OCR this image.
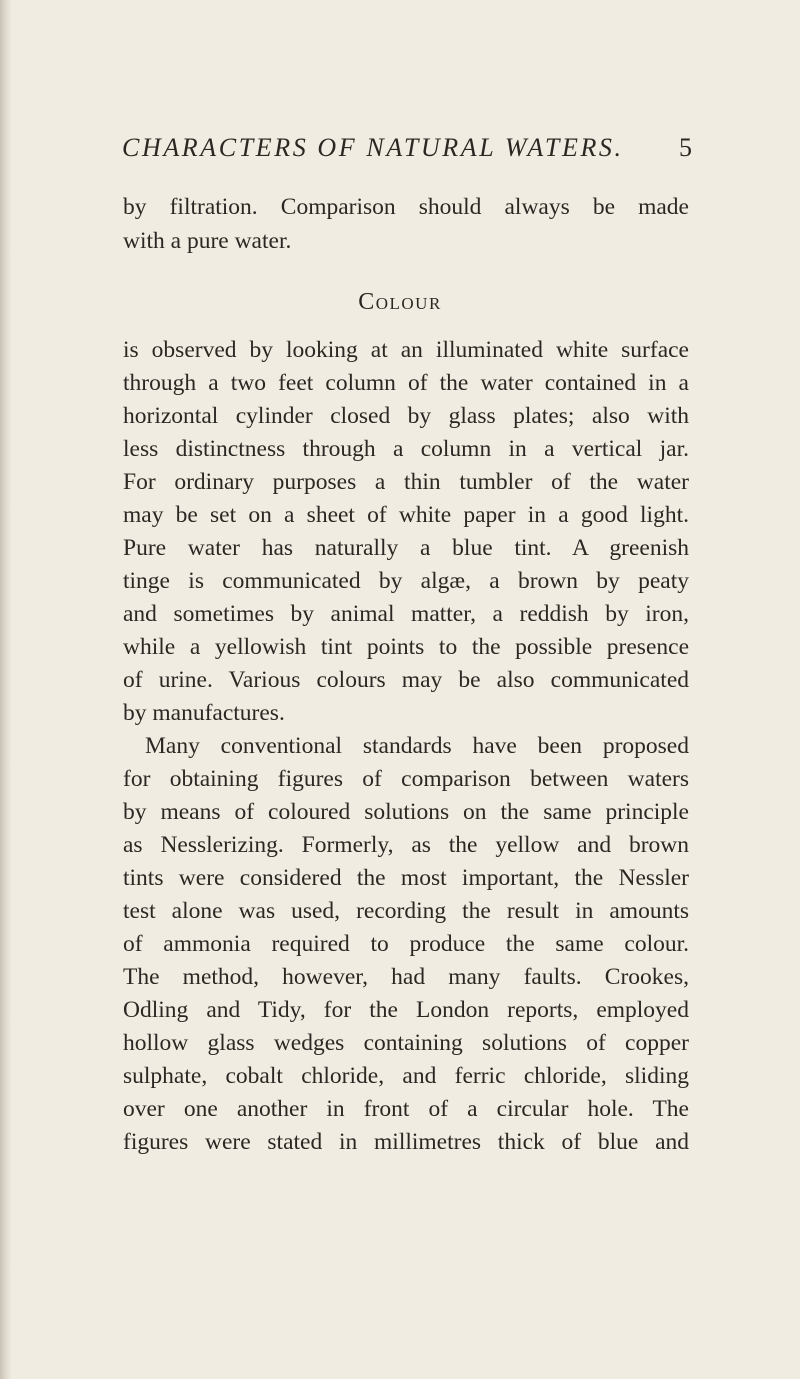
CHARACTERS OF NATURAL WATERS. 5
by filtration. Comparison should always be made
with a pure water.
Colour
is observed by looking at an illuminated white surface
through a two feet column of the water contained in a
horizontal cylinder closed by glass plates; also with
less distinctness through a column in a vertical jar.
For ordinary purposes a thin tumbler of the water
may be set on a sheet of white paper in a good light.
Pure water has naturally a blue tint. A greenish
tinge is communicated by algæ, a brown by peaty
and sometimes by animal matter, a reddish by iron,
while a yellowish tint points to the possible presence
of urine. Various colours may be also communicated
by manufactures.
Many conventional standards have been proposed
for obtaining figures of comparison between waters
by means of coloured solutions on the same principle
as Nesslerizing. Formerly, as the yellow and brown
tints were considered the most important, the Nessler
test alone was used, recording the result in amounts
of ammonia required to produce the same colour.
The method, however, had many faults. Crookes,
Odling and Tidy, for the London reports, employed
hollow glass wedges containing solutions of copper
sulphate, cobalt chloride, and ferric chloride, sliding
over one another in front of a circular hole. The
figures were stated in millimetres thick of blue and
